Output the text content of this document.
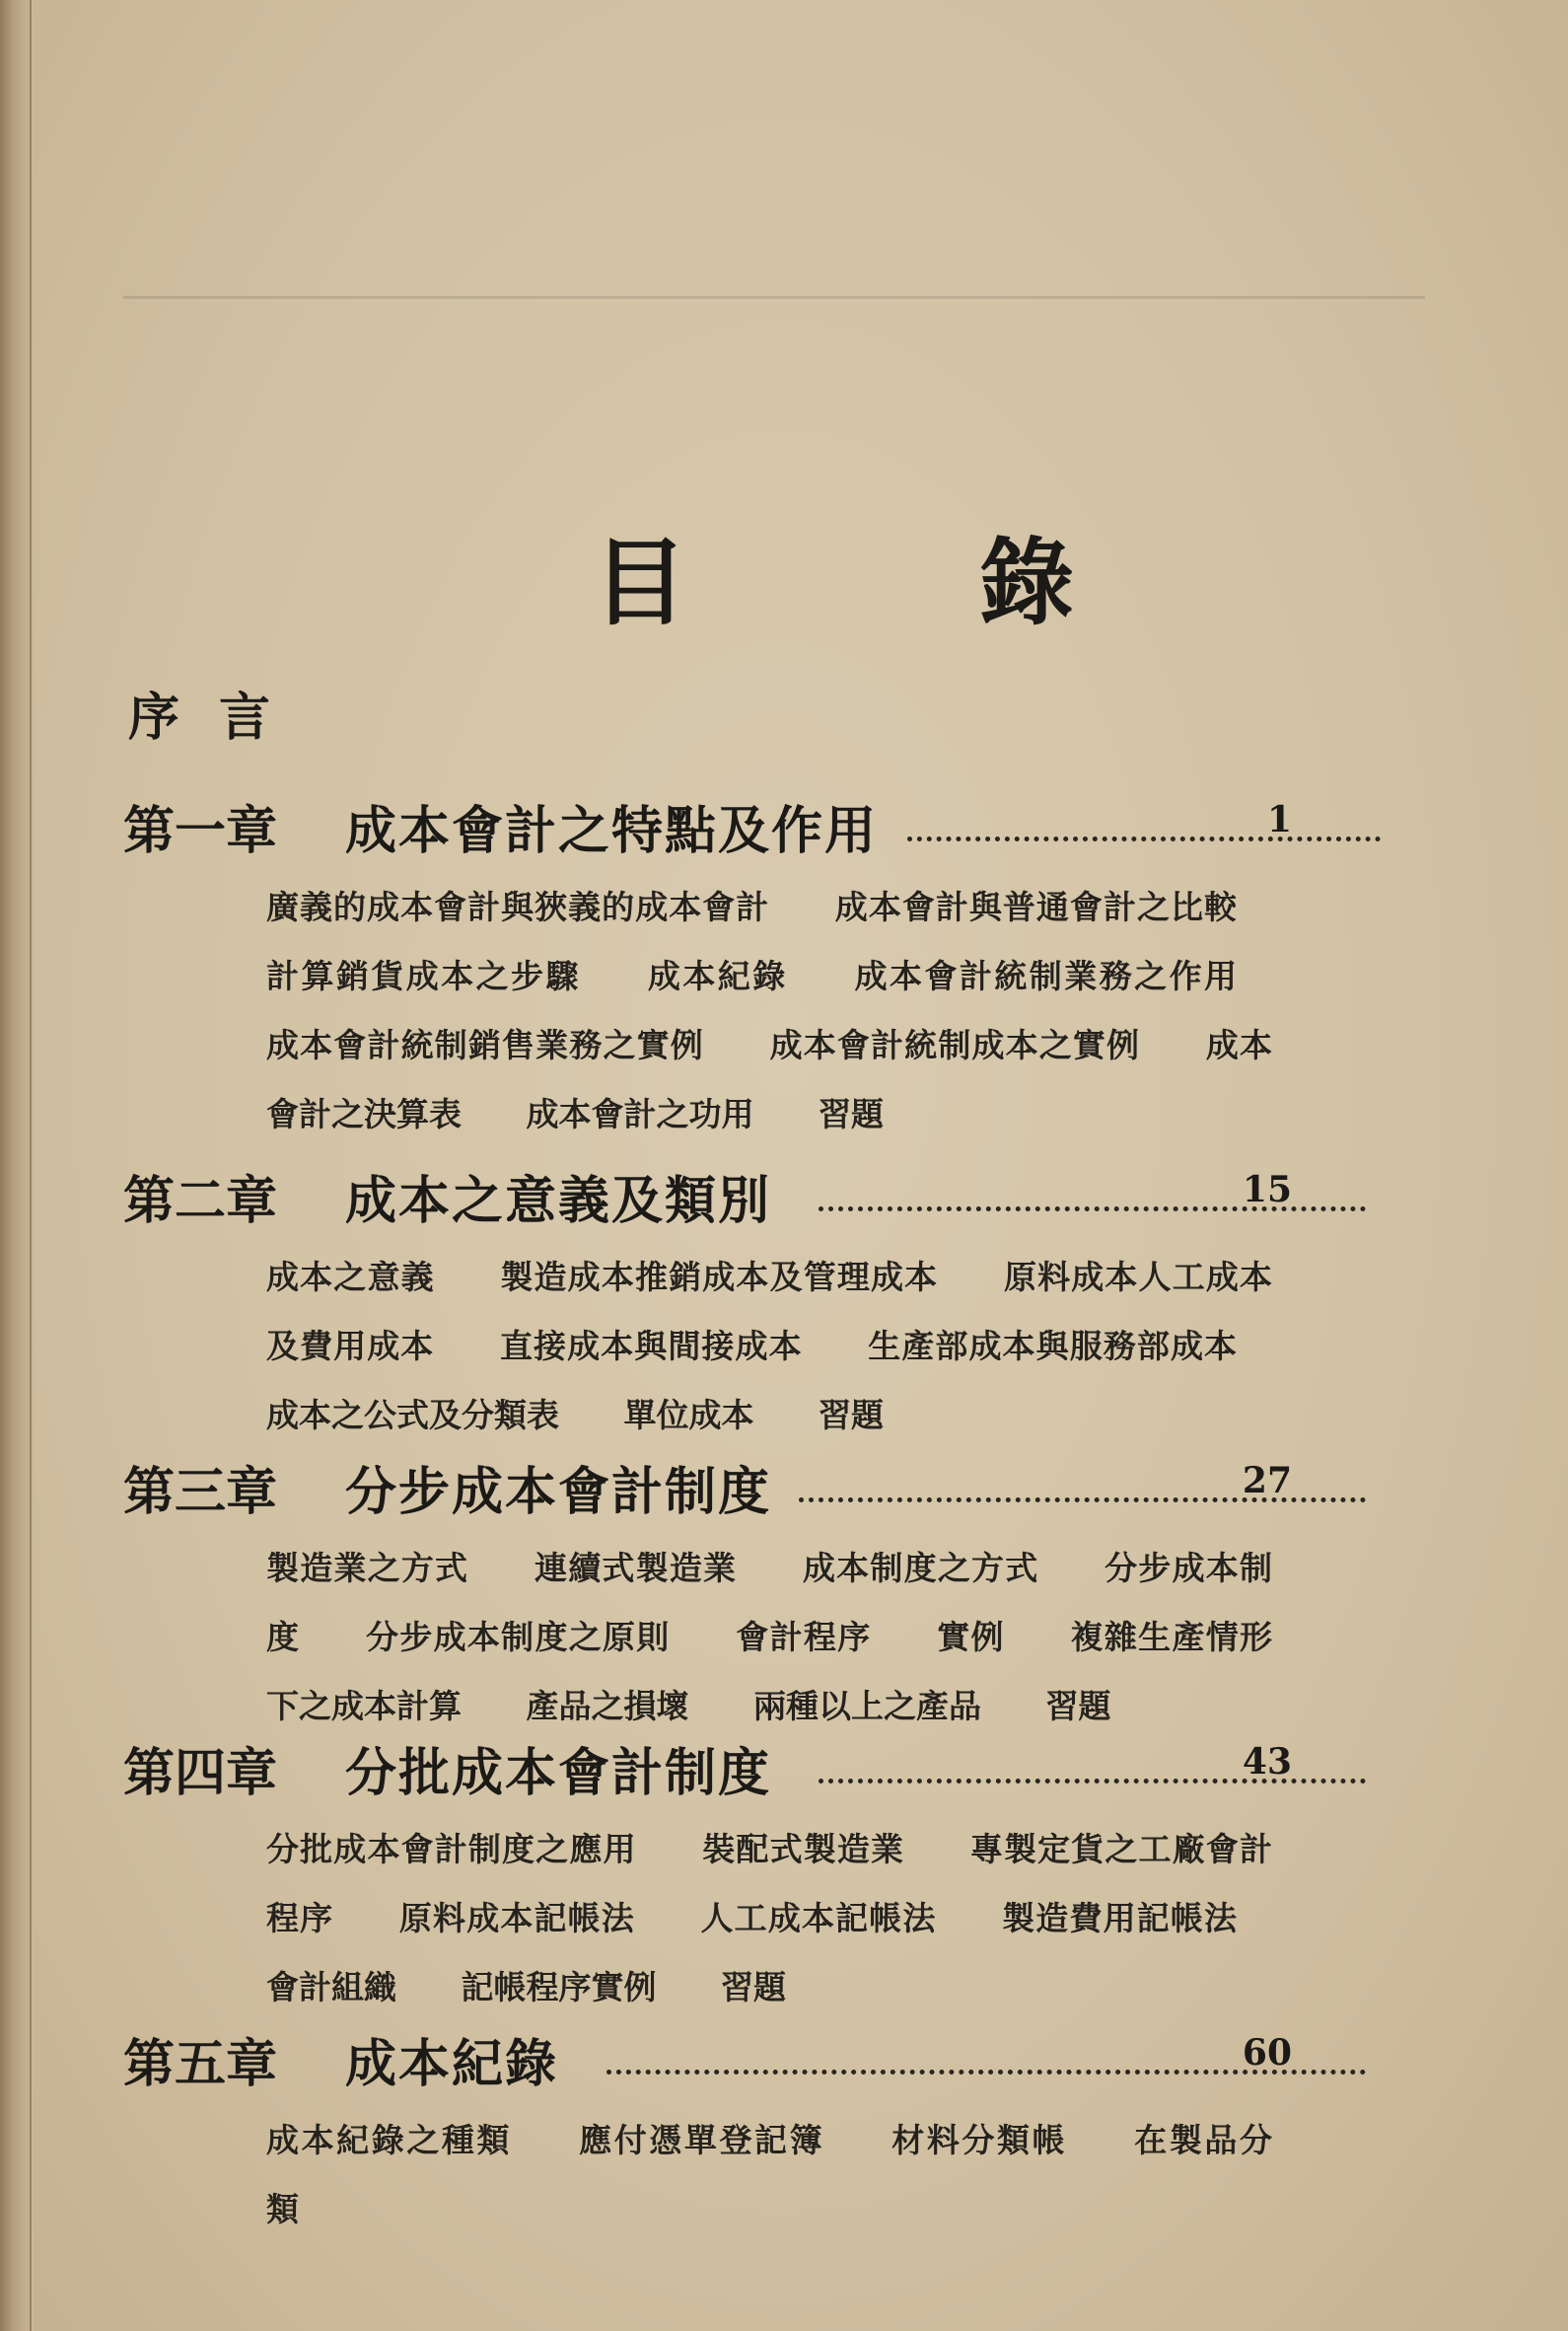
目　錄
序言
第一章 成本會計之特點及作用	1
廣義的成本會計與狹義的成本會計 成本會計與普通會計之比較 計算銷貨成本之步驟 成本紀錄 成本會計統制業務之作用 成本會計統制銷售業務之實例 成本會計統制成本之實例 成本會計之決算表 成本會計之功用 習題
第二章 成本之意義及類別	15
成本之意義 製造成本推銷成本及管理成本 原料成本人工成本及費用成本 直接成本與間接成本 生產部成本與服務部成本 成本之公式及分類表 單位成本 習題
第三章 分步成本會計制度	27
製造業之方式 連續式製造業 成本制度之方式 分步成本制度 分步成本制度之原則 會計程序 實例 複雜生產情形下之成本計算 產品之損壞 兩種以上之產品 習題
第四章 分批成本會計制度	43
分批成本會計制度之應用 裝配式製造業 專製定貨之工廠會計程序 原料成本記帳法 人工成本記帳法 製造費用記帳法 會計組織 記帳程序實例 習題
第五章 成本紀錄	60
成本紀錄之種類 應付憑單登記簿 材料分類帳 在製品分類
